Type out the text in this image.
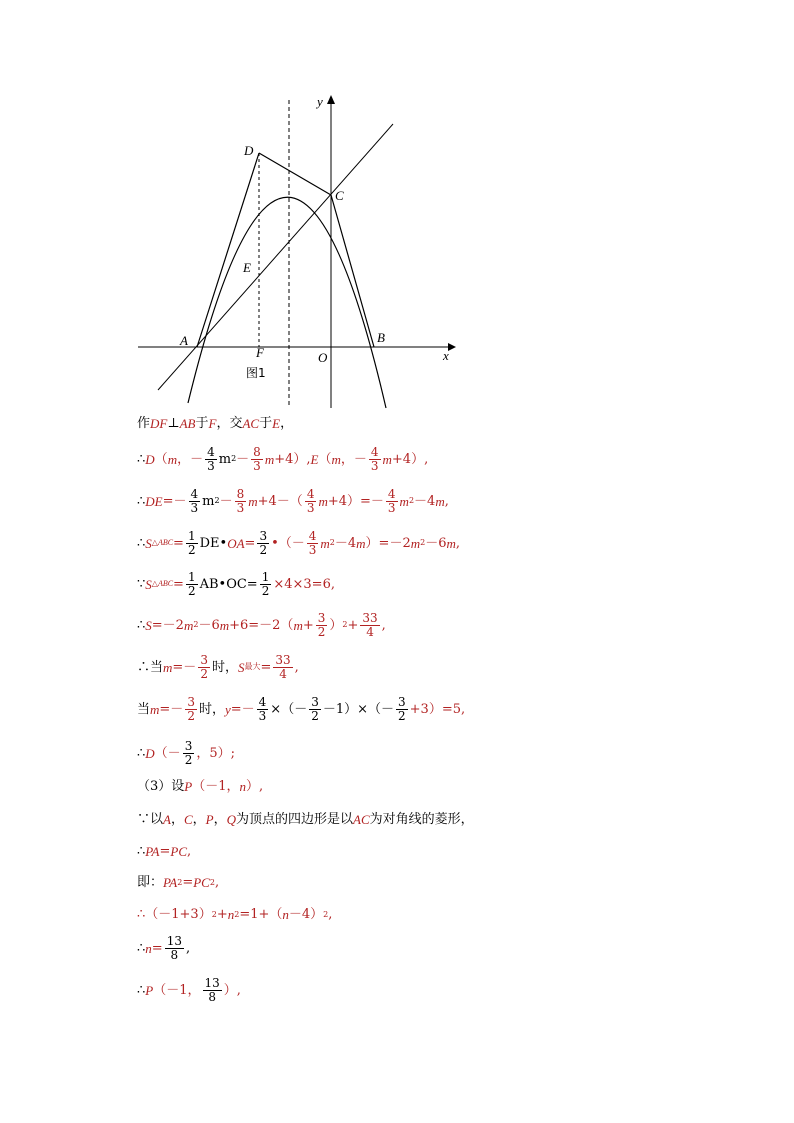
y
x
D
C
E
A
F
B
O
图1
作 DF ⊥ AB 于 F ，交 AC 于 E ，
∴ D （ m ，－ $\frac{4}{3}$ m $2 - \frac{8}{3}$ m +4）, E （ m ，－ $\frac{4}{3}$ m +4）,
∴ DE =－ $\frac{4}{3}$ m $2 - \frac{8}{3}$ $m +4-( \frac{4}{3}$ $m +4)=- \frac{4}{3}$ m 2 －4 m ,
∴ S △ABC = $\frac{1}{2}$ DE• OA = $\frac{3}{2}$ •（－ $\frac{4}{3}$ m 2 －4 m ）=－2 m 2 －6 m ,
∵ S △ABC = $\frac{1}{2}$ AB•OC= $\frac{1}{2} \times 4\times 3=6$,
∴ S =－2 m 2 －6 m +6=－2（ $m + \frac{3}{2}$ ） $2 + \frac{33}{4}$ ,
∴当 $m =- \frac{3}{2}$ 时， S 最大 = $\frac{33}{4}$ ,
当 $m =- \frac{3}{2}$ 时， $y =- \frac{4}{3}$ ×（－ $\frac{3}{2} -1)\times(- \frac{3}{2} +3)=5$,
∴ D （－ $\frac{3}{2}$ ，5）;
（3）设 P （－1， n ）,
∵以 A ， C ， P ， Q 为顶点的四边形是以 AC 为对角线的菱形，
∴ PA = PC ,
即： PA 2 = PC 2 ,
∴（－1+3） 2 + n 2 =1+（ n －4） 2 ,
∴ $n = \frac{13}{8}$ ,
∴ P （－1， $\frac{13}{8}$ ）,
